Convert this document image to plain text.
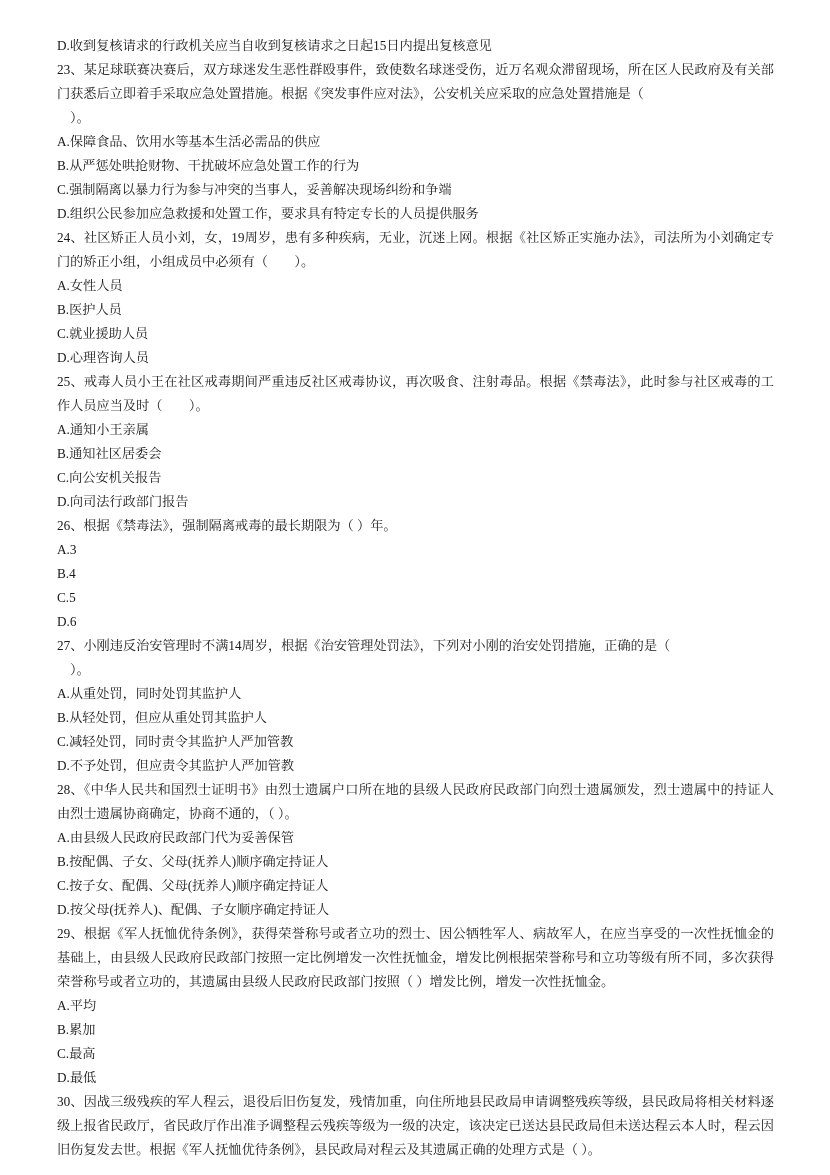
D.收到复核请求的行政机关应当自收到复核请求之日起15日内提出复核意见

23、某足球联赛决赛后，双方球迷发生恶性群殴事件，致使数名球迷受伤，近万名观众滞留现场，所在区人民政府及有关部门获悉后立即着手采取应急处置措施。根据《突发事件应对法》，公安机关应采取的应急处置措施是（

）。

A.保障食品、饮用水等基本生活必需品的供应

B.从严惩处哄抢财物、干扰破坏应急处置工作的行为

C.强制隔离以暴力行为参与冲突的当事人，妥善解决现场纠纷和争端

D.组织公民参加应急救援和处置工作，要求具有特定专长的人员提供服务

24、社区矫正人员小刘，女，19周岁，患有多种疾病，无业，沉迷上网。根据《社区矫正实施办法》，司法所为小刘确定专门的矫正小组，小组成员中必须有（　　）。

A.女性人员

B.医护人员

C.就业援助人员

D.心理咨询人员

25、戒毒人员小王在社区戒毒期间严重违反社区戒毒协议，再次吸食、注射毒品。根据《禁毒法》，此时参与社区戒毒的工作人员应当及时（　　）。

A.通知小王亲属

B.通知社区居委会

C.向公安机关报告

D.向司法行政部门报告

26、根据《禁毒法》，强制隔离戒毒的最长期限为（ ）年。

A.3

B.4

C.5

D.6

27、小刚违反治安管理时不满14周岁，根据《治安管理处罚法》，下列对小刚的治安处罚措施，正确的是（

）。

A.从重处罚，同时处罚其监护人

B.从轻处罚，但应从重处罚其监护人

C.减轻处罚，同时责令其监护人严加管教

D.不予处罚，但应责令其监护人严加管教

28、《中华人民共和国烈士证明书》由烈士遗属户口所在地的县级人民政府民政部门向烈士遗属颁发，烈士遗属中的持证人由烈士遗属协商确定，协商不通的，（ ）。

A.由县级人民政府民政部门代为妥善保管

B.按配偶、子女、父母(抚养人)顺序确定持证人

C.按子女、配偶、父母(抚养人)顺序确定持证人

D.按父母(抚养人)、配偶、子女顺序确定持证人

29、根据《军人抚恤优待条例》，获得荣誉称号或者立功的烈士、因公牺牲军人、病故军人，在应当享受的一次性抚恤金的基础上，由县级人民政府民政部门按照一定比例增发一次性抚恤金，增发比例根据荣誉称号和立功等级有所不同，多次获得荣誉称号或者立功的，其遗属由县级人民政府民政部门按照（ ）增发比例，增发一次性抚恤金。

A.平均

B.累加

C.最高

D.最低

30、因战三级残疾的军人程云，退役后旧伤复发，残情加重，向住所地县民政局申请调整残疾等级，县民政局将相关材料逐级上报省民政厅，省民政厅作出准予调整程云残疾等级为一级的决定，该决定已送达县民政局但未送达程云本人时，程云因旧伤复发去世。根据《军人抚恤优待条例》，县民政局对程云及其遗属正确的处理方式是（ ）。
